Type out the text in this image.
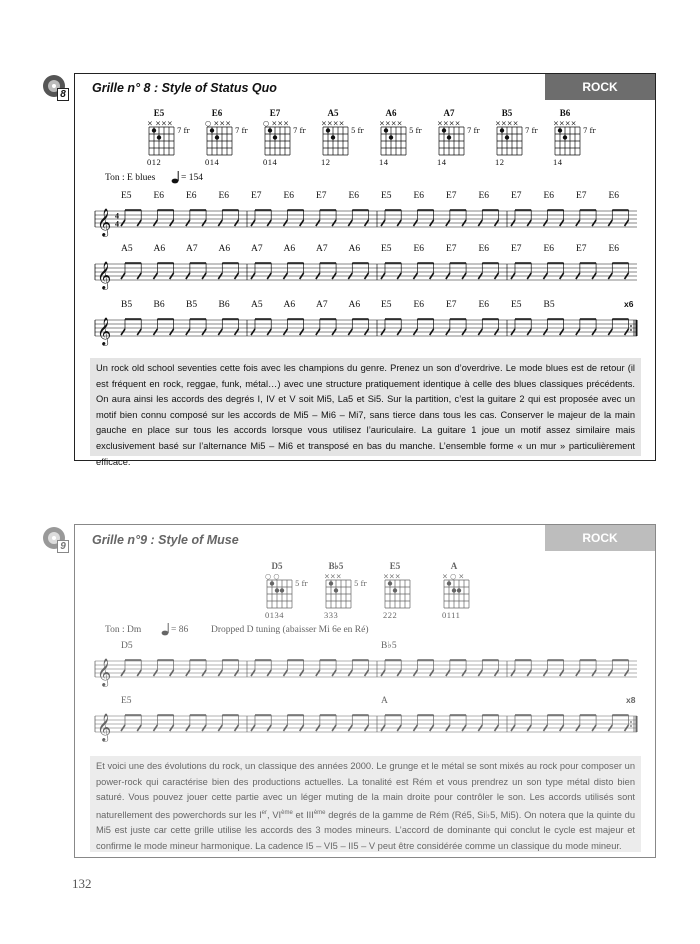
8 Grille n° 8 : Style of Status Quo	ROCK
E5
× ×××
7 fr
012
E6
○ ×××
7 fr
014
E7
○ ×××
7 fr
014
A5
××××
5 fr
12
A6
××××
5 fr
14
A7
××××
7 fr
14
B5
××××
7 fr
12
B6
××××
7 fr
14
Ton : E blues	= 154
𝄞 4
4
E5 E6 E6 E6 E7 E6 E7 E6 E5 E6 E7 E6 E7 E6 E7 E6
𝄞
A5 A6 A7 A6 A7 A6 A7 A6 E5 E6 E7 E6 E7 E6 E7 E6
𝄞
B5 B6 B5 B6 A5 A6 A7 A6 E5 E6 E7 E6 E5 B5	x6
Un rock old school seventies cette fois avec les champions du genre. Prenez un son d’overdrive. Le mode blues est de retour (il est fréquent en rock, reggae, funk, métal…) avec une structure pratiquement identique à celle des blues classiques précédents. On aura ainsi les accords des degrés I, IV et V soit Mi5, La5 et Si5. Sur la partition, c’est la guitare 2 qui est proposée avec un motif bien connu composé sur les accords de Mi5 – Mi6 – Mi7, sans tierce dans tous les cas. Conserver le majeur de la main gauche en place sur tous les accords lorsque vous utilisez l’auriculaire. La guitare 1 joue un motif assez similaire mais exclusivement basé sur l’alternance Mi5 – Mi6 et transposé en bas du manche. L’ensemble forme « un mur » particulièrement efficace.
9 Grille n°9 : Style of Muse	ROCK
D5
○ ○
5 fr
0134
B♭5
×××
5 fr
333
E5
×××
222
A
× ○ ×
0111
Ton : Dm	= 86 Dropped D tuning (abaisser Mi 6e en Ré)
𝄞
D5	B♭5
𝄞
E5	A	x8
Et voici une des évolutions du rock, un classique des années 2000. Le grunge et le métal se sont mixés au rock pour composer un power-rock qui caractérise bien des productions actuelles. La tonalité est Rém et vous prendrez un son type métal disto bien saturé. Vous pouvez jouer cette partie avec un léger muting de la main droite pour contrôler le son. Les accords utilisés sont naturellement des powerchords sur les Ier, VIème et IIIème degrés de la gamme de Rém (Ré5, Si♭5, Mi5). On notera que la quinte du Mi5 est juste car cette grille utilise les accords des 3 modes mineurs. L’accord de dominante qui conclut le cycle est majeur et confirme le mode mineur harmonique. La cadence I5 – VI5 – II5 – V peut être considérée comme un classique du mode mineur.
132
